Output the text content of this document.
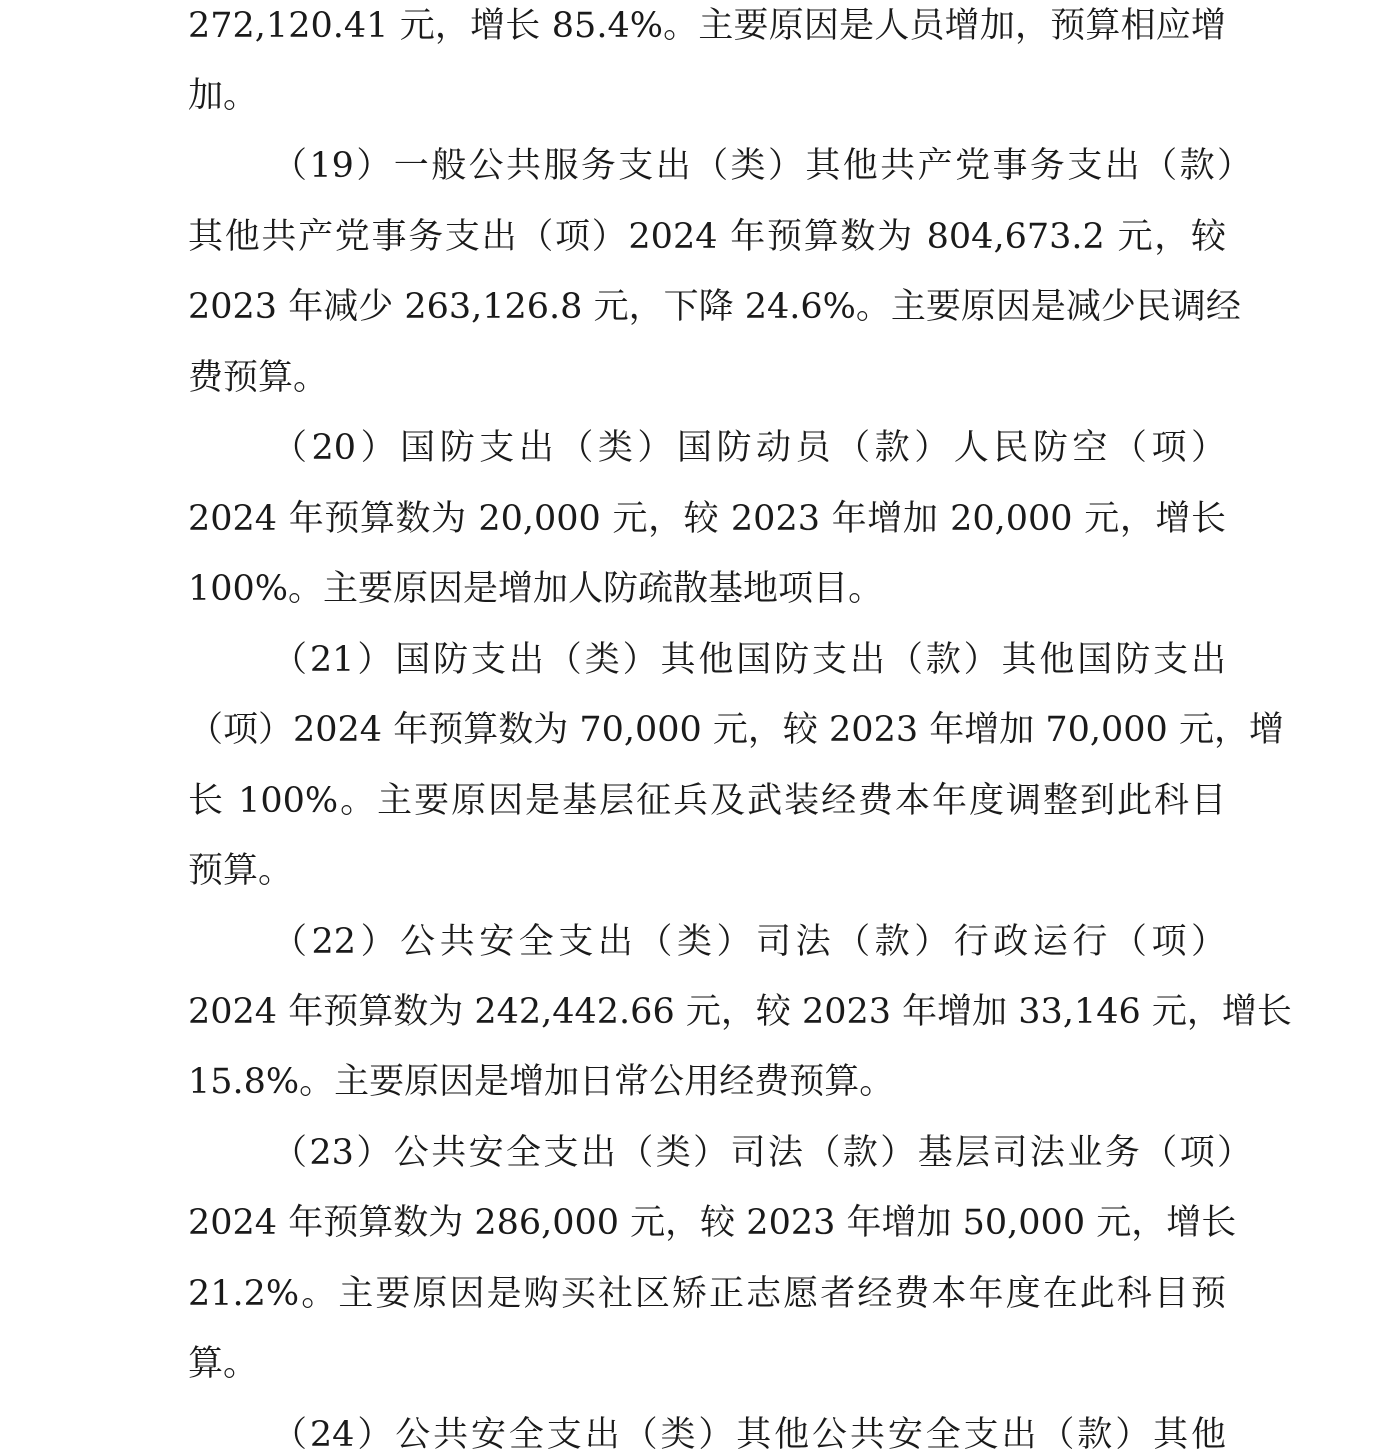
272,120.41 元，增长 85.4%。主要原因是人员增加，预算相应增
加。
（19）一般公共服务支出（类）其他共产党事务支出（款）
其他共产党事务支出（项）2024 年预算数为 804,673.2 元，较
2023 年减少 263,126.8 元，下降 24.6%。主要原因是减少民调经
费预算。
（20）国防支出（类）国防动员（款）人民防空（项）
2024 年预算数为 20,000 元，较 2023 年增加 20,000 元，增长
100%。主要原因是增加人防疏散基地项目。
（21）国防支出（类）其他国防支出（款）其他国防支出
（项）2024 年预算数为 70,000 元，较 2023 年增加 70,000 元，增
长 100%。主要原因是基层征兵及武装经费本年度调整到此科目
预算。
（22）公共安全支出（类）司法（款）行政运行（项）
2024 年预算数为 242,442.66 元，较 2023 年增加 33,146 元，增长
15.8%。主要原因是增加日常公用经费预算。
（23）公共安全支出（类）司法（款）基层司法业务（项）
2024 年预算数为 286,000 元，较 2023 年增加 50,000 元，增长
21.2%。主要原因是购买社区矫正志愿者经费本年度在此科目预
算。
（24）公共安全支出（类）其他公共安全支出（款）其他
